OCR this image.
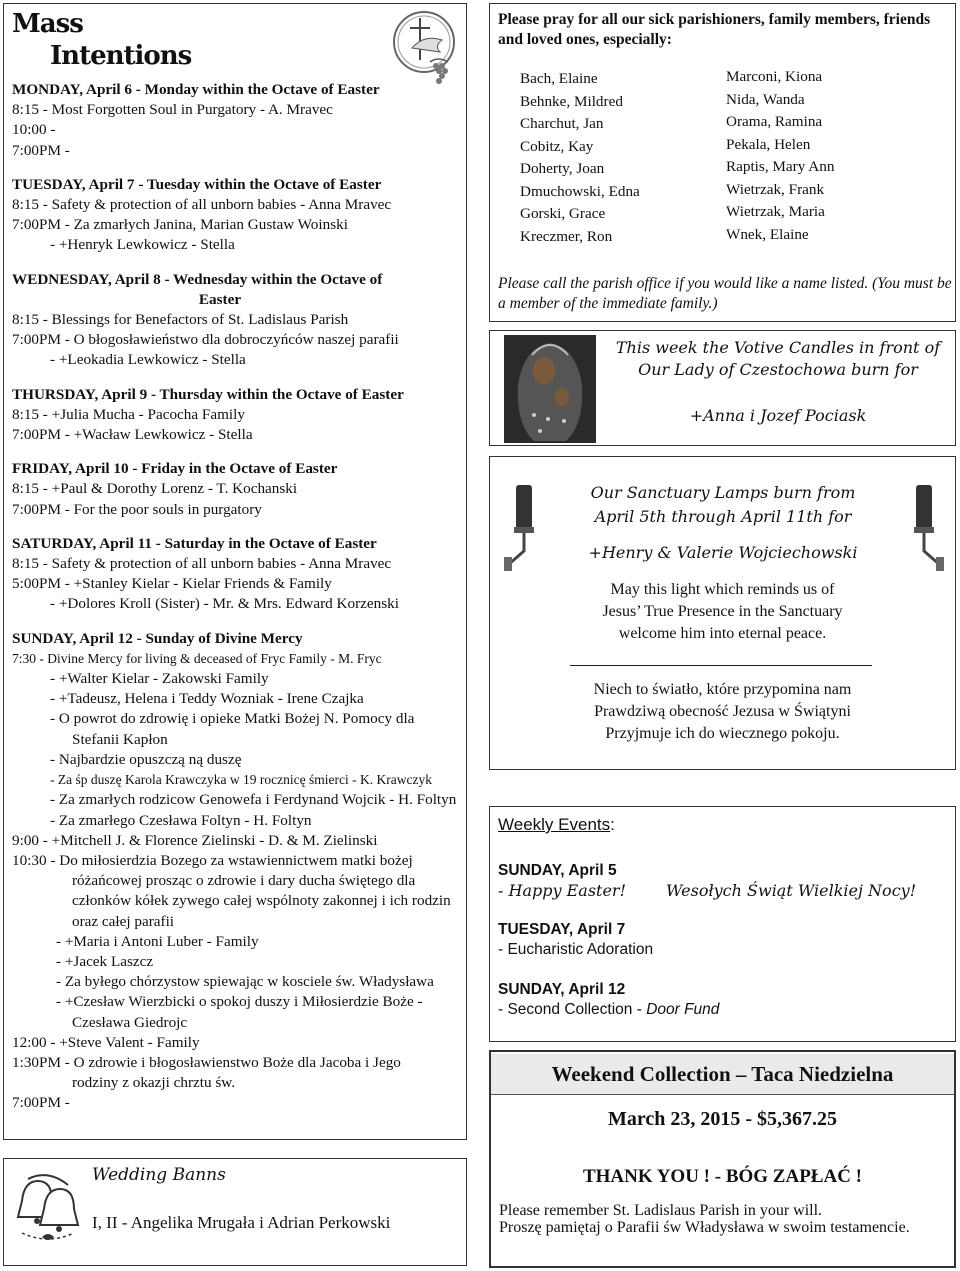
Mass
Intentions
MONDAY, April 6 - Monday within the Octave of Easter
8:15 - Most Forgotten Soul in Purgatory - A. Mravec
10:00 -
7:00PM -
TUESDAY, April 7 - Tuesday within the Octave of Easter
8:15 - Safety & protection of all unborn babies - Anna Mravec
7:00PM - Za zmarłych Janina, Marian Gustaw Woinski
- +Henryk Lewkowicz - Stella
WEDNESDAY, April 8 - Wednesday within the Octave of
Easter
8:15 - Blessings for Benefactors of St. Ladislaus Parish
7:00PM - O błogosławieństwo dla dobroczyńców naszej parafii
- +Leokadia Lewkowicz - Stella
THURSDAY, April 9 - Thursday within the Octave of Easter
8:15 - +Julia Mucha - Pacocha Family
7:00PM - +Wacław Lewkowicz - Stella
FRIDAY, April 10 - Friday in the Octave of Easter
8:15 - +Paul & Dorothy Lorenz - T. Kochanski
7:00PM - For the poor souls in purgatory
SATURDAY, April 11 - Saturday in the Octave of Easter
8:15 - Safety & protection of all unborn babies - Anna Mravec
5:00PM - +Stanley Kielar - Kielar Friends & Family
- +Dolores Kroll (Sister) - Mr. & Mrs. Edward Korzenski
SUNDAY, April 12 - Sunday of Divine Mercy
7:30 - Divine Mercy for living & deceased of Fryc Family - M. Fryc
- +Walter Kielar - Zakowski Family
- +Tadeusz, Helena i Teddy Wozniak - Irene Czajka
- O powrot do zdrowię i opieke Matki Bożej N. Pomocy dla
Stefanii Kapłon
- Najbardzie opuszczą ną duszę
- Za śp duszę Karola Krawczyka w 19 rocznicę śmierci - K. Krawczyk
- Za zmarłych rodzicow Genowefa i Ferdynand Wojcik - H. Foltyn
- Za zmarłego Czesława Foltyn - H. Foltyn
9:00 - +Mitchell J. & Florence Zielinski - D. & M. Zielinski
10:30 - Do miłosierdzia Bozego za wstawiennictwem matki bożej
różańcowej prosząc o zdrowie i dary ducha świętego dla
członków kółek zywego całej wspólnoty zakonnej i ich rodzin
oraz całej parafii
- +Maria i Antoni Luber - Family
- +Jacek Laszcz
- Za byłego chórzystow spiewając w kosciele św. Władysława
- +Czesław Wierzbicki o spokoj duszy i Miłosierdzie Boże -
Czesława Giedrojc
12:00 - +Steve Valent - Family
1:30PM - O zdrowie i błogosławienstwo Boże dla Jacoba i Jego
rodziny z okazji chrztu św.
7:00PM -
Please pray for all our sick parishioners, family members, friends and loved ones, especially:
Bach, Elaine
Behnke, Mildred
Charchut, Jan
Cobitz, Kay
Doherty, Joan
Dmuchowski, Edna
Gorski, Grace
Kreczmer, Ron
Marconi, Kiona
Nida, Wanda
Orama, Ramina
Pekala, Helen
Raptis, Mary Ann
Wietrzak, Frank
Wietrzak, Maria
Wnek, Elaine
Please call the parish office if you would like a name listed. (You must be a member of the immediate family.)
This week the Votive Candles in front of
Our Lady of Czestochowa burn for
+Anna i Jozef Pociask
Our Sanctuary Lamps burn from
April 5th through April 11th for
+Henry & Valerie Wojciechowski
May this light which reminds us of
Jesus’ True Presence in the Sanctuary
welcome him into eternal peace.
Niech to światło, które przypomina nam
Prawdziwą obecność Jezusa w Świątyni
Przyjmuje ich do wiecznego pokoju.
Weekly Events:
SUNDAY, April 5
- Happy Easter!	Wesołych Świąt Wielkiej Nocy!
TUESDAY, April 7
- Eucharistic Adoration
SUNDAY, April 12
- Second Collection - Door Fund
Weekend Collection – Taca Niedzielna
March 23, 2015 - $5,367.25
THANK YOU ! - BÓG ZAPŁAĆ !
Please remember St. Ladislaus Parish in your will.
Proszę pamiętaj o Parafii św Władysława w swoim testamencie.
Wedding Banns
I, II - Angelika Mrugała i Adrian Perkowski
